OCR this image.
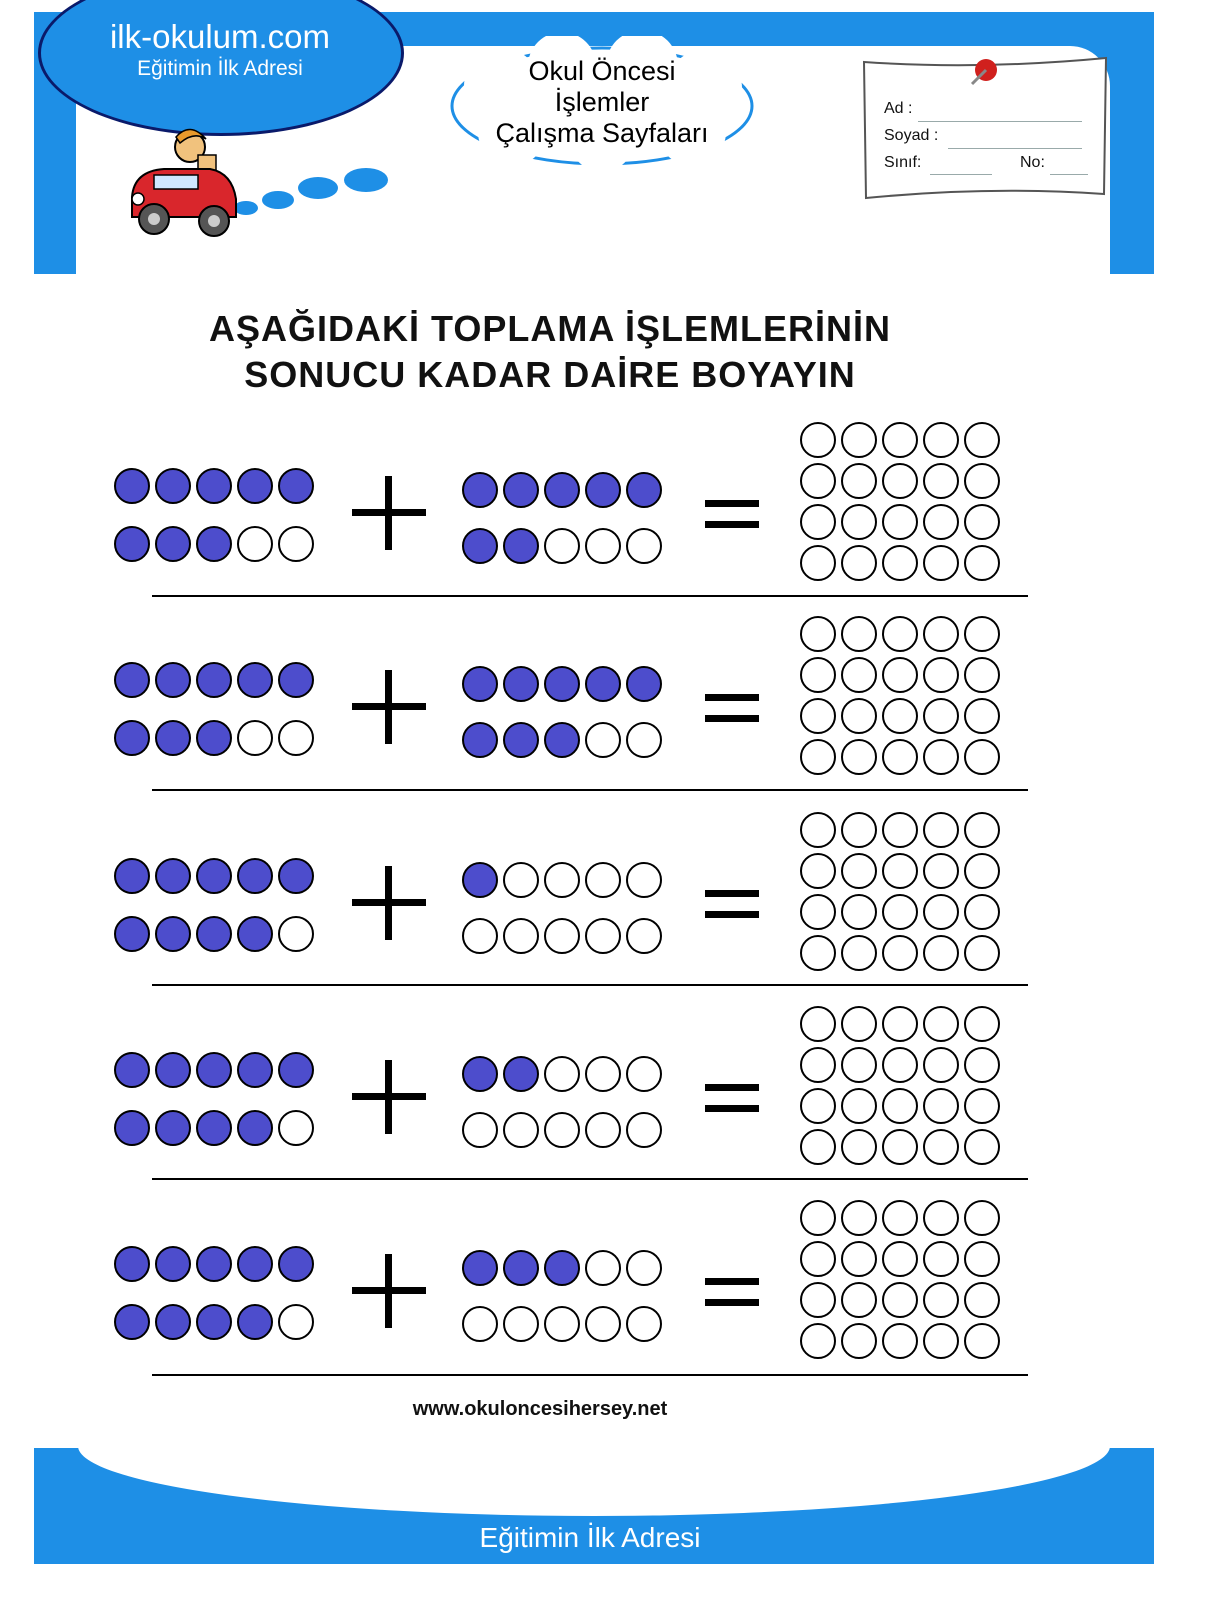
ilk-okulum.com
Eğitimin İlk Adresi	Okul Öncesi
İşlemler
Çalışma Sayfaları
Ad :
Soyad :
Sınıf:	No:
AŞAĞIDAKİ TOPLAMA İŞLEMLERİNİN
SONUCU KADAR DAİRE BOYAYIN
www.okuloncesihersey.net
ilk-okulum.com
Eğitimin İlk Adresi
